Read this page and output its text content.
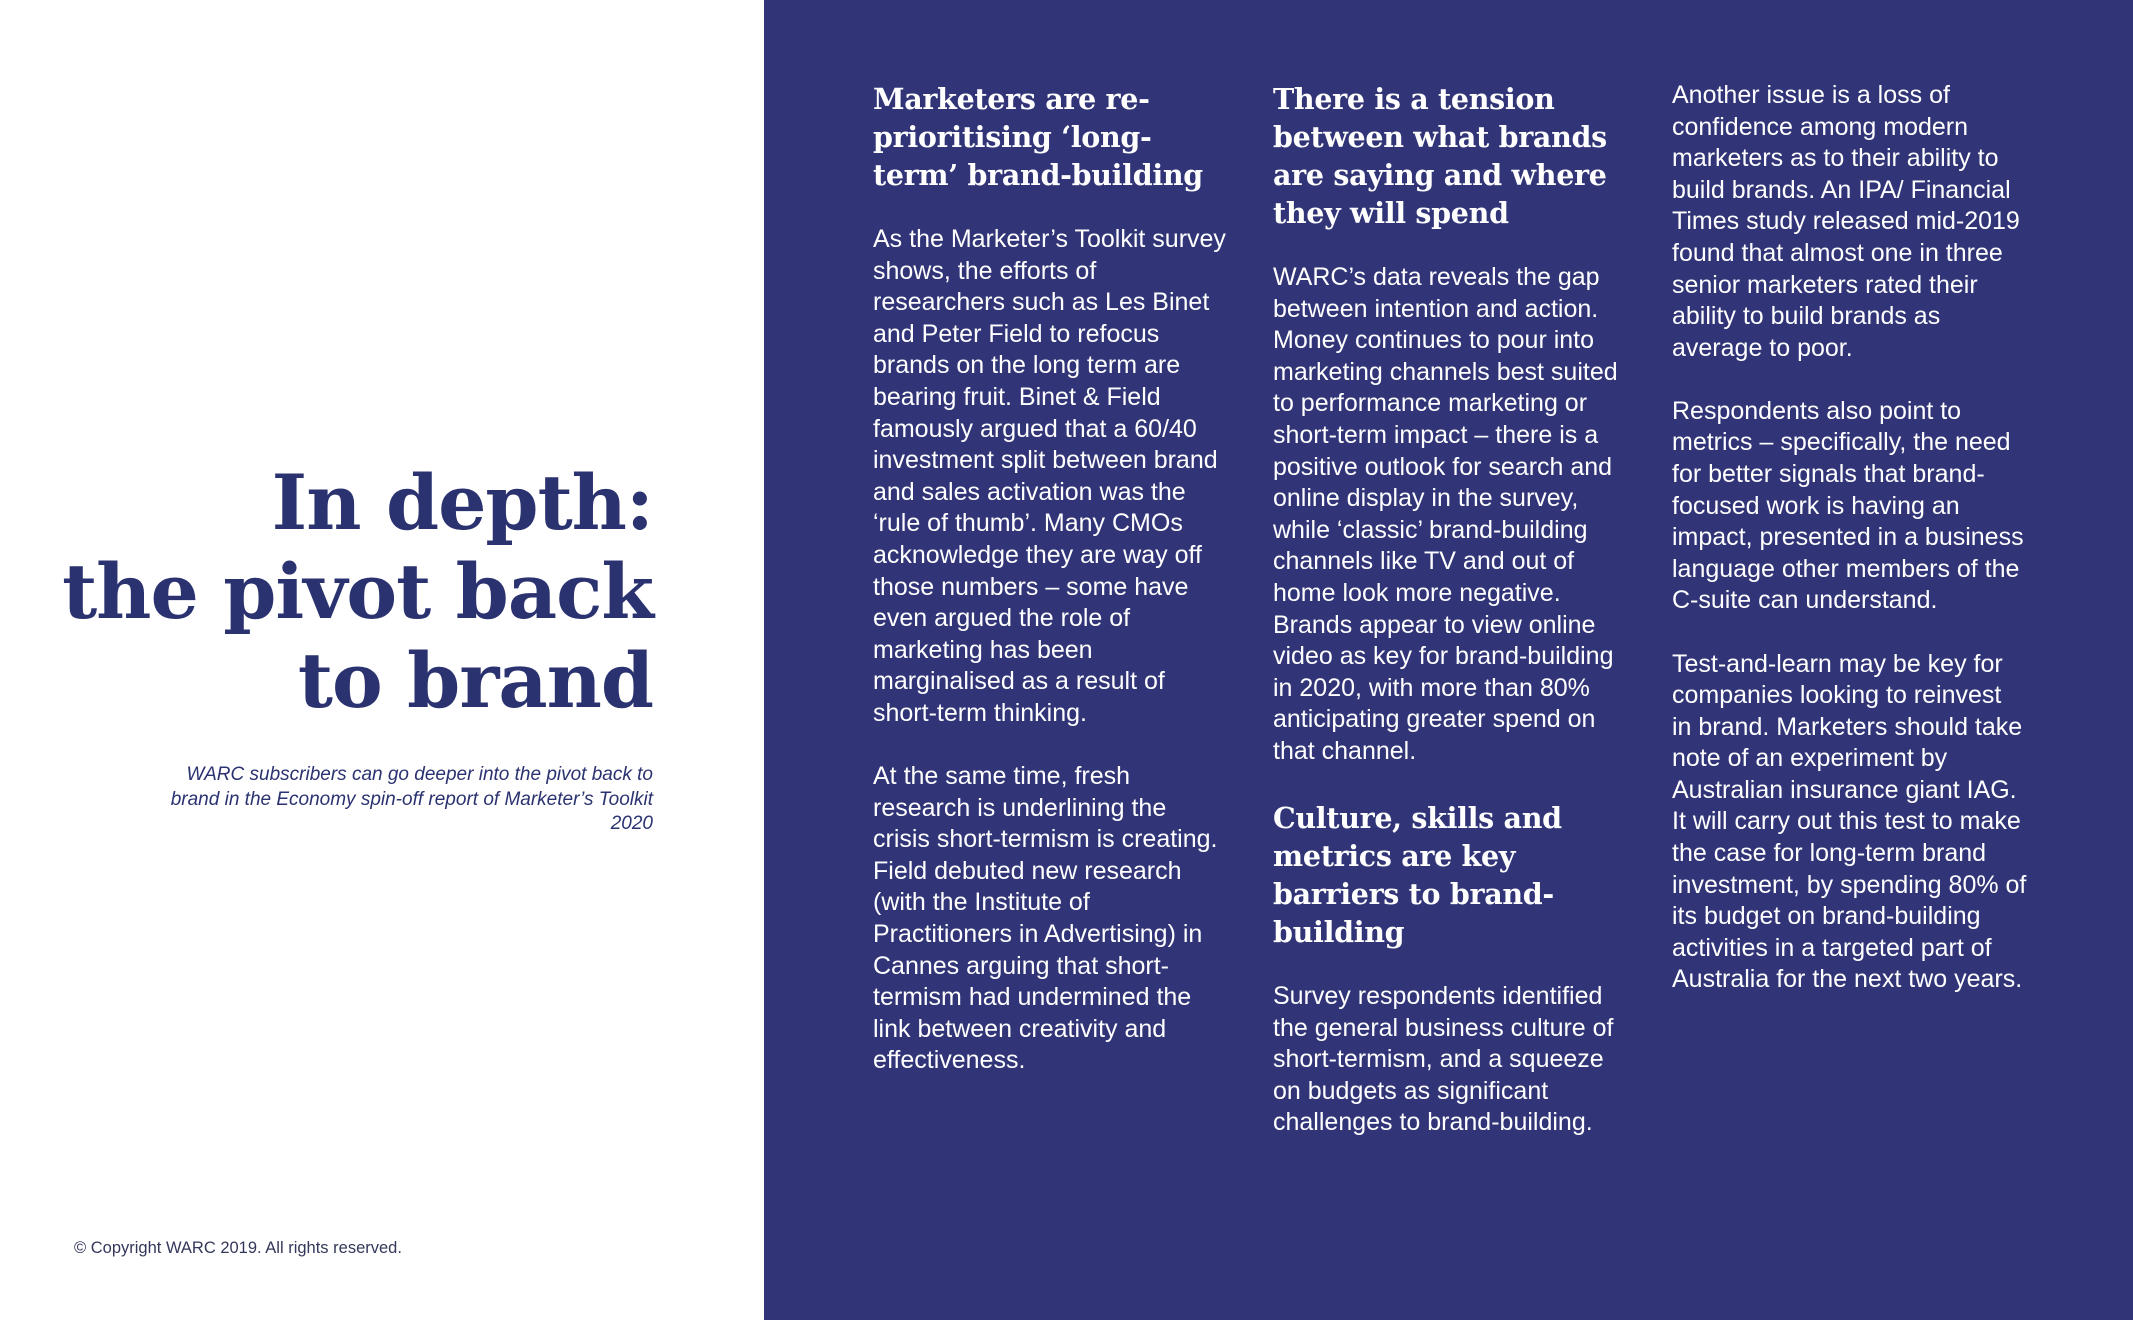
In depth:
the pivot back
to brand

WARC subscribers can go deeper into the pivot back to brand in the Economy spin-off report of Marketer’s Toolkit 2020

© Copyright WARC 2019. All rights reserved.

Marketers are re-prioritising ‘long-term’ brand-building

As the Marketer’s Toolkit survey shows, the efforts of researchers such as Les Binet and Peter Field to refocus brands on the long term are bearing fruit. Binet & Field famously argued that a 60/40 investment split between brand and sales activation was the ‘rule of thumb’. Many CMOs acknowledge they are way off those numbers – some have even argued the role of marketing has been marginalised as a result of short-term thinking.

At the same time, fresh research is underlining the crisis short-termism is creating. Field debuted new research (with the Institute of Practitioners in Advertising) in Cannes arguing that short-termism had undermined the link between creativity and effectiveness.

There is a tension between what brands are saying and where they will spend

WARC’s data reveals the gap between intention and action. Money continues to pour into marketing channels best suited to performance marketing or short-term impact – there is a positive outlook for search and online display in the survey, while ‘classic’ brand-building channels like TV and out of home look more negative. Brands appear to view online video as key for brand-building in 2020, with more than 80% anticipating greater spend on that channel.

Culture, skills and metrics are key barriers to brand-building

Survey respondents identified the general business culture of short-termism, and a squeeze on budgets as significant challenges to brand-building.

Another issue is a loss of confidence among modern marketers as to their ability to build brands. An IPA/ Financial Times study released mid-2019 found that almost one in three senior marketers rated their ability to build brands as average to poor.

Respondents also point to metrics – specifically, the need for better signals that brand-focused work is having an impact, presented in a business language other members of the C-suite can understand.

Test-and-learn may be key for companies looking to reinvest in brand. Marketers should take note of an experiment by Australian insurance giant IAG. It will carry out this test to make the case for long-term brand investment, by spending 80% of its budget on brand-building activities in a targeted part of Australia for the next two years.
